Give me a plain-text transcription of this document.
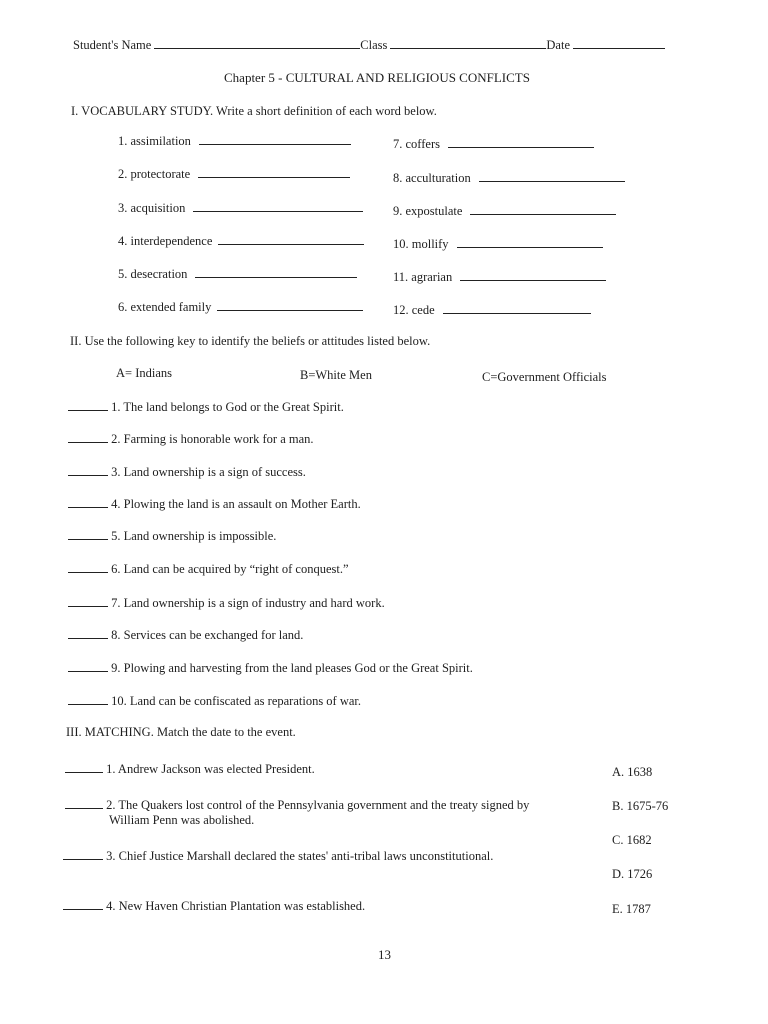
Student's Name	Class	Date
Chapter 5 - CULTURAL AND RELIGIOUS CONFLICTS
I. VOCABULARY STUDY. Write a short definition of each word below.
1. assimilation
2. protectorate
3. acquisition
4. interdependence
5. desecration
6. extended family
7. coffers
8. acculturation
9. expostulate
10. mollify
11. agrarian
12. cede
II. Use the following key to identify the beliefs or attitudes listed below.
A= Indians	B=White Men	C=Government Officials
1. The land belongs to God or the Great Spirit.
2. Farming is honorable work for a man.
3. Land ownership is a sign of success.
4. Plowing the land is an assault on Mother Earth.
5. Land ownership is impossible.
6. Land can be acquired by “right of conquest.”
7. Land ownership is a sign of industry and hard work.
8. Services can be exchanged for land.
9. Plowing and harvesting from the land pleases God or the Great Spirit.
10. Land can be confiscated as reparations of war.
III. MATCHING. Match the date to the event.
1. Andrew Jackson was elected President.
2. The Quakers lost control of the Pennsylvania government and the treaty signed by
William Penn was abolished.
3. Chief Justice Marshall declared the states' anti-tribal laws unconstitutional.
4. New Haven Christian Plantation was established.
A. 1638
B. 1675-76
C. 1682
D. 1726
E. 1787
13
